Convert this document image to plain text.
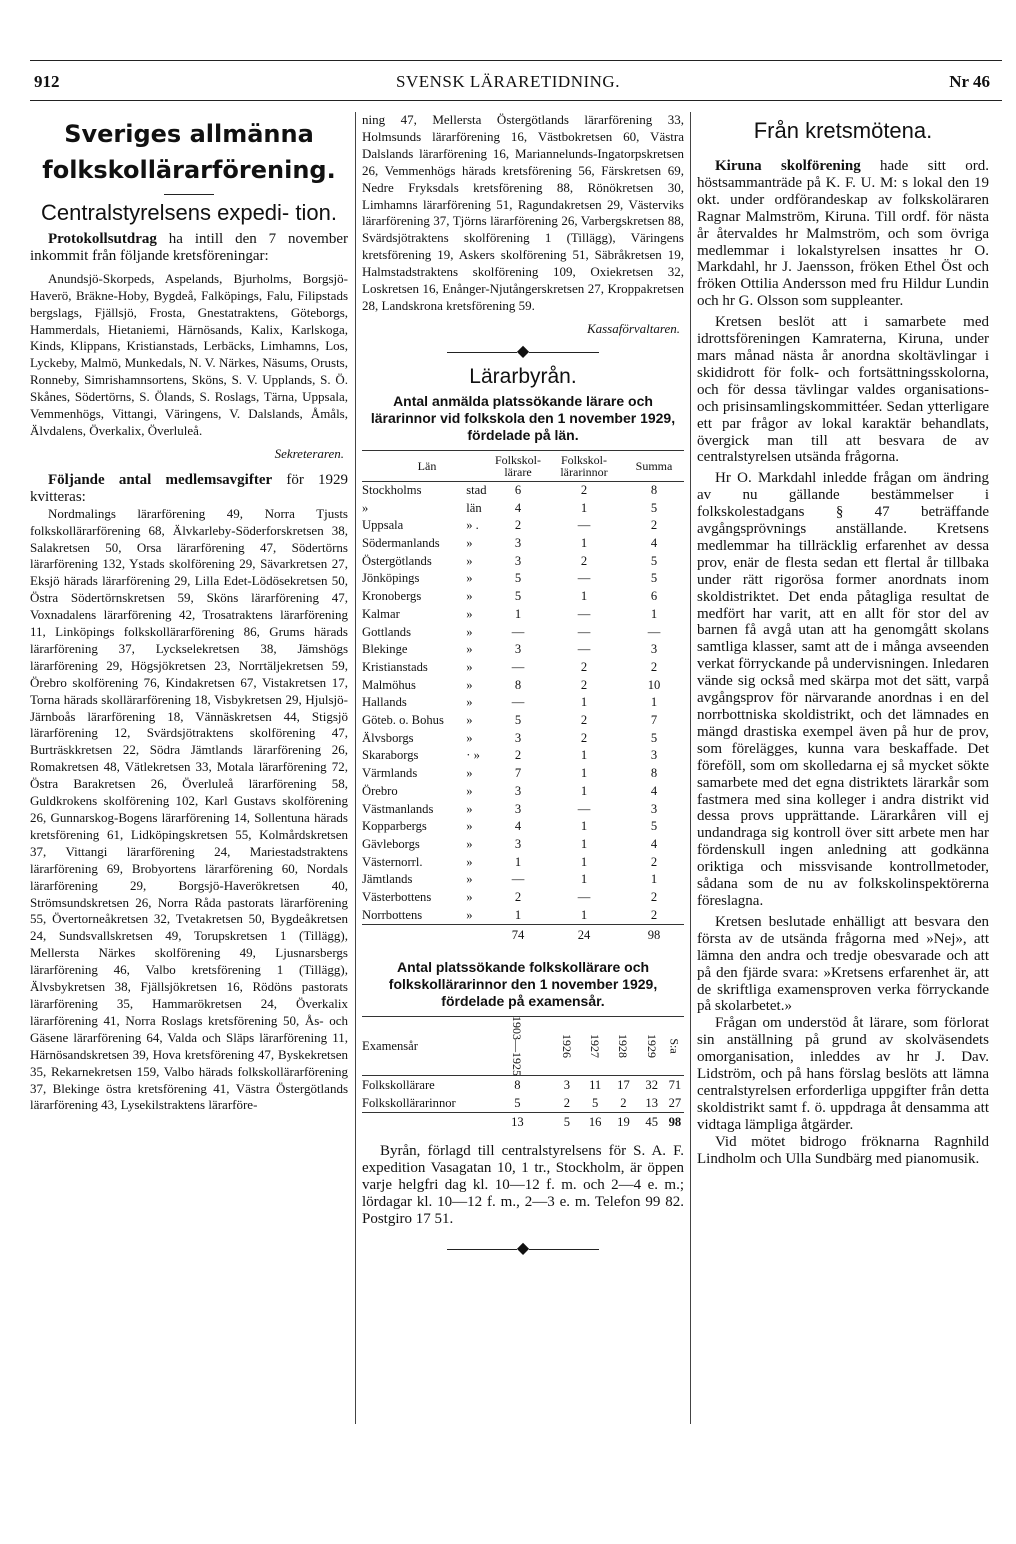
SVENSK LÄRARETIDNING.
912	Nr 46
Sveriges allmänna
folkskollärarförening.
Centralstyrelsens expedi- tion.

Protokollsutdrag ha intill den 7 november inkommit från följande kretsföreningar:

Anundsjö-Skorpeds, Aspelands, Bjurholms, Borgsjö-Haverö, Bräkne-Hoby, Bygdeå, Falköpings, Falu, Filipstads bergslags, Fjällsjö, Frosta, Gnestatraktens, Göteborgs, Hammerdals, Hietaniemi, Härnösands, Kalix, Karlskoga, Kinds, Klippans, Kristianstads, Lerbäcks, Limhamns, Los, Lyckeby, Malmö, Munkedals, N. V. Närkes, Näsums, Orusts, Ronneby, Simrishamnsortens, Sköns, S. V. Upplands, S. Ö. Skånes, Södertörns, S. Ölands, S. Roslags, Tärna, Uppsala, Vemmenhögs, Vittangi, Väringens, V. Dalslands, Åmåls, Älvdalens, Överkalix, Överluleå.

Sekreteraren.

Följande antal medlemsavgifter för 1929 kvitteras:

Nordmalings lärarförening 49, Norra Tjusts folkskollärarförening 68, Älvkarleby-Söderforskretsen 38, Salakretsen 50, Orsa lärarförening 47, Södertörns lärarförening 132, Ystads skolförening 29, Sävarkretsen 27, Eksjö härads lärarförening 29, Lilla Edet-Lödösekretsen 50, Östra Södertörnskretsen 59, Sköns lärarförening 47, Voxnadalens lärarförening 42, Trosatraktens lärarförening 11, Linköpings folkskollärarförening 86, Grums härads lärarförening 37, Lyckselekretsen 38, Jämshögs lärarförening 29, Högsjökretsen 23, Norrtäljekretsen 59, Örebro skolförening 76, Kindakretsen 67, Vistakretsen 17, Torna härads skollärarförening 18, Visbykretsen 29, Hjulsjö-Järnboås lärarförening 18, Vännäskretsen 44, Stigsjö lärarförening 12, Svärdsjötraktens skolförening 47, Burträskkretsen 22, Södra Jämtlands lärarförening 26, Romakretsen 48, Vätlekretsen 33, Motala lärarförening 72, Östra Barakretsen 26, Överluleå lärarförening 58, Guldkrokens skolförening 102, Karl Gustavs skolförening 26, Gunnarskog-Bogens lärarförening 14, Sollentuna härads kretsförening 61, Lidköpingskretsen 55, Kolmårdskretsen 37, Vittangi lärarförening 24, Mariestadstraktens lärarförening 69, Brobyortens lärarförening 60, Nordals lärarförening 29, Borgsjö-Haverökretsen 40, Strömsundskretsen 26, Norra Råda pastorats lärarförening 55, Övertorneåkretsen 32, Tvetakretsen 50, Bygdeåkretsen 24, Sundsvallskretsen 49, Torupskretsen 1 (Tillägg), Mellersta Närkes skolförening 49, Ljusnarsbergs lärarförening 46, Valbo kretsförening 1 (Tillägg), Älvsbykretsen 38, Fjällsjökretsen 16, Rödöns pastorats lärarförening 35, Hammarökretsen 24, Överkalix lärarförening 41, Norra Roslags kretsförening 50, Ås- och Gäsene lärarförening 64, Valda och Släps lärarförening 11, Härnösandskretsen 39, Hova kretsförening 47, Byskekretsen 35, Rekarnekretsen 159, Valbo härads folkskollärarförening 37, Blekinge östra kretsförening 41, Västra Östergötlands lärarförening 43, Lysekilstraktens lärarföre-

ning 47, Mellersta Östergötlands lärarförening 33, Holmsunds lärarförening 16, Västbokretsen 60, Västra Dalslands lärarförening 16, Mariannelunds-Ingatorpskretsen 26, Vemmenhögs härads kretsförening 56, Färskretsen 69, Nedre Fryksdals kretsförening 88, Rönökretsen 30, Limhamns lärarförening 51, Ragundakretsen 29, Västerviks lärarförening 37, Tjörns lärarförening 26, Varbergskretsen 88, Svärdsjötraktens skolförening 1 (Tillägg), Väringens kretsförening 19, Askers skolförening 51, Säbråkretsen 19, Halmstadstraktens skolförening 109, Oxiekretsen 32, Loskretsen 16, Enånger-Njutångerskretsen 27, Kroppakretsen 28, Landskrona kretsförening 59.

Kassaförvaltaren.
◆
Lärarbyrån.
Antal anmälda platssökande lärare och lärarinnor vid folkskola den 1 november 1929, fördelade på län.
Län		Folkskol- lärare	Folkskol- lärarinnor	Summa
Stockholms	stad	6	2	8
»	län	4	1	5
Uppsala	» .	2	—	2
Södermanlands	»	3	1	4
Östergötlands	»	3	2	5
Jönköpings	»	5	—	5
Kronobergs	»	5	1	6
Kalmar	»	1	—	1
Gottlands	»	—	—	—
Blekinge	»	3	—	3
Kristianstads	»	—	2	2
Malmöhus	»	8	2	10
Hallands	»	—	1	1
Göteb. o. Bohus	»	5	2	7
Älvsborgs	»	3	2	5
Skaraborgs	· »	2	1	3
Värmlands	»	7	1	8
Örebro	»	3	1	4
Västmanlands	»	3	—	3
Kopparbergs	»	4	1	5
Gävleborgs	»	3	1	4
Västernorrl.	»	1	1	2
Jämtlands	»	—	1	1
Västerbottens	»	2	—	2
Norrbottens	»	1	1	2
		74	24	98
Antal platssökande folkskollärare och folkskollärarinnor den 1 november 1929, fördelade på examensår.
Examensår	1903—1925	1926	1927	1928	1929	S:a
Folkskollärare	8	3	11	17	32	71
Folkskollärarinnor	5	2	5	2	13	27
	13	5	16	19	45	98

Byrån, förlagd till centralstyrelsens för S. A. F. expedition Vasagatan 10, 1 tr., Stockholm, är öppen varje helgfri dag kl. 10—12 f. m. och 2—4 e. m.; lördagar kl. 10—12 f. m., 2—3 e. m. Telefon 99 82. Postgiro 17 51.

◆
Från kretsmötena.

Kiruna skolförening hade sitt ord. höstsammanträde på K. F. U. M: s lokal den 19 okt. under ordförandeskap av folkskoläraren Ragnar Malmström, Kiruna. Till ordf. för nästa år återvaldes hr Malmström, och som övriga medlemmar i lokalstyrelsen insattes hr O. Markdahl, hr J. Jaensson, fröken Ethel Öst och fröken Ottilia Andersson med fru Hildur Lundin och hr G. Olsson som suppleanter.

Kretsen beslöt att i samarbete med idrottsföreningen Kamraterna, Kiruna, under mars månad nästa år anordna skoltävlingar i skididrott för folk- och fortsättningsskolorna, och för dessa tävlingar valdes organisations- och prisinsamlingskommittéer. Sedan ytterligare ett par frågor av lokal karaktär behandlats, övergick man till att besvara de av centralstyrelsen utsända frågorna.

Hr O. Markdahl inledde frågan om ändring av nu gällande bestämmelser i folkskolestadgans § 47 beträffande avgångsprövnings anställande. Kretsens medlemmar ha tillräcklig erfarenhet av dessa prov, enär de flesta sedan ett flertal år tillbaka under rätt rigorösa former anordnats inom skoldistriktet. Det enda påtagliga resultat de medfört har varit, att en allt för stor del av barnen få avgå utan att ha genomgått skolans samtliga klasser, samt att de i många avseenden verkat förryckande på undervisningen. Inledaren vände sig också med skärpa mot det sätt, varpå avgångsprov för närvarande anordnas i en del norrbottniska skoldistrikt, och det lämnades en mängd drastiska exempel även på hur de prov, som förelägges, kunna vara beskaffade. Det föreföll, som om skolledarna ej så mycket sökte samarbete med det egna distriktets lärarkår som fastmera med sina kolleger i andra distrikt vid dessa provs upprättande. Lärarkåren vill ej undandraga sig kontroll över sitt arbete men har fördenskull ingen anledning att godkänna oriktiga och missvisande kontrollmetoder, sådana som de nu av folkskolinspektörerna föreslagna.

Kretsen beslutade enhälligt att besvara den första av de utsända frågorna med »Nej», att lämna den andra och tredje obesvarade och att på den fjärde svara: »Kretsens erfarenhet är, att de skriftliga examensproven verka förryckande på skolarbetet.»

Frågan om understöd åt lärare, som förlorat sin anställning på grund av skolväsendets omorganisation, inleddes av hr J. Dav. Lidström, och på hans förslag beslöts att lämna centralstyrelsen erforderliga uppgifter från detta skoldistrikt samt f. ö. uppdraga åt densamma att vidtaga lämpliga åtgärder.

Vid mötet bidrogo fröknarna Ragnhild Lindholm och Ulla Sundbärg med pianomusik.
